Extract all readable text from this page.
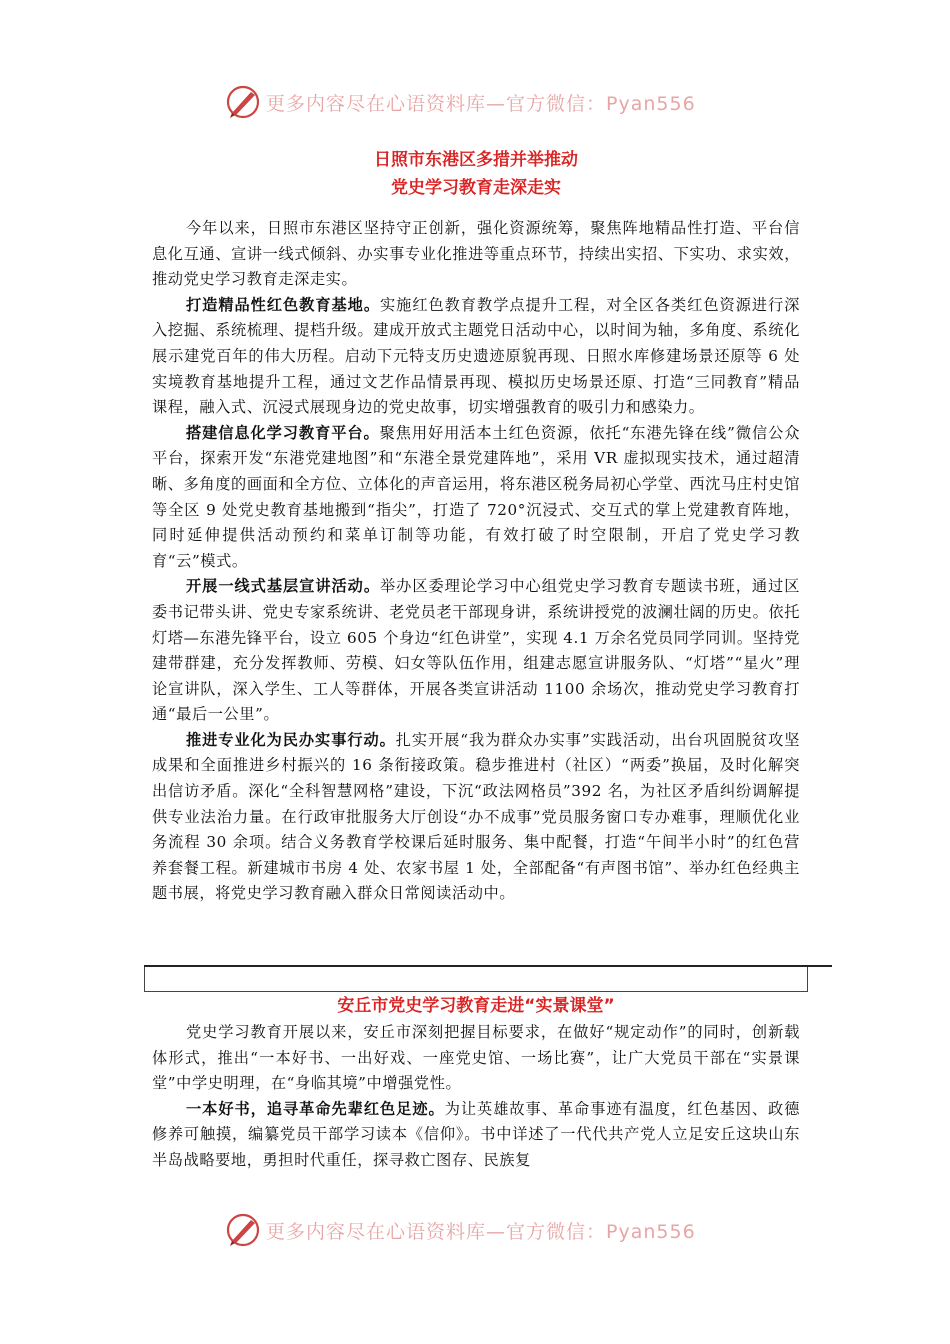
更多内容尽在心语资料库—官方微信：Pyan556
日照市东港区多措并举推动
党史学习教育走深走实

今年以来，日照市东港区坚持守正创新，强化资源统筹，聚焦阵地精品性打造、平台信息化互通、宣讲一线式倾斜、办实事专业化推进等重点环节，持续出实招、下实功、求实效，推动党史学习教育走深走实。

打造精品性红色教育基地。实施红色教育教学点提升工程，对全区各类红色资源进行深入挖掘、系统梳理、提档升级。建成开放式主题党日活动中心，以时间为轴，多角度、系统化展示建党百年的伟大历程。启动下元特支历史遗迹原貌再现、日照水库修建场景还原等 6 处实境教育基地提升工程，通过文艺作品情景再现、模拟历史场景还原、打造“三同教育”精品课程，融入式、沉浸式展现身边的党史故事，切实增强教育的吸引力和感染力。

搭建信息化学习教育平台。聚焦用好用活本土红色资源，依托“东港先锋在线”微信公众平台，探索开发“东港党建地图”和“东港全景党建阵地”，采用 VR 虚拟现实技术，通过超清晰、多角度的画面和全方位、立体化的声音运用，将东港区税务局初心学堂、西沈马庄村史馆等全区 9 处党史教育基地搬到“指尖”，打造了 720°沉浸式、交互式的掌上党建教育阵地，同时延伸提供活动预约和菜单订制等功能，有效打破了时空限制，开启了党史学习教育“云”模式。

开展一线式基层宣讲活动。举办区委理论学习中心组党史学习教育专题读书班，通过区委书记带头讲、党史专家系统讲、老党员老干部现身讲，系统讲授党的波澜壮阔的历史。依托灯塔—东港先锋平台，设立 605 个身边“红色讲堂”，实现 4.1 万余名党员同学同训。坚持党建带群建，充分发挥教师、劳模、妇女等队伍作用，组建志愿宣讲服务队、“灯塔”“星火”理论宣讲队，深入学生、工人等群体，开展各类宣讲活动 1100 余场次，推动党史学习教育打通“最后一公里”。

推进专业化为民办实事行动。扎实开展“我为群众办实事”实践活动，出台巩固脱贫攻坚成果和全面推进乡村振兴的 16 条衔接政策。稳步推进村（社区）“两委”换届，及时化解突出信访矛盾。深化“全科智慧网格”建设，下沉“政法网格员”392 名，为社区矛盾纠纷调解提供专业法治力量。在行政审批服务大厅创设“办不成事”党员服务窗口专办难事，理顺优化业务流程 30 余项。结合义务教育学校课后延时服务、集中配餐，打造“午间半小时”的红色营养套餐工程。新建城市书房 4 处、农家书屋 1 处，全部配备“有声图书馆”、举办红色经典主题书展，将党史学习教育融入群众日常阅读活动中。

安丘市党史学习教育走进“实景课堂”

党史学习教育开展以来，安丘市深刻把握目标要求，在做好“规定动作”的同时，创新载体形式，推出“一本好书、一出好戏、一座党史馆、一场比赛”，让广大党员干部在“实景课堂”中学史明理，在“身临其境”中增强党性。

一本好书，追寻革命先辈红色足迹。为让英雄故事、革命事迹有温度，红色基因、政德修养可触摸，编纂党员干部学习读本《信仰》。书中详述了一代代共产党人立足安丘这块山东半岛战略要地，勇担时代重任，探寻救亡图存、民族复

更多内容尽在心语资料库—官方微信：Pyan556
